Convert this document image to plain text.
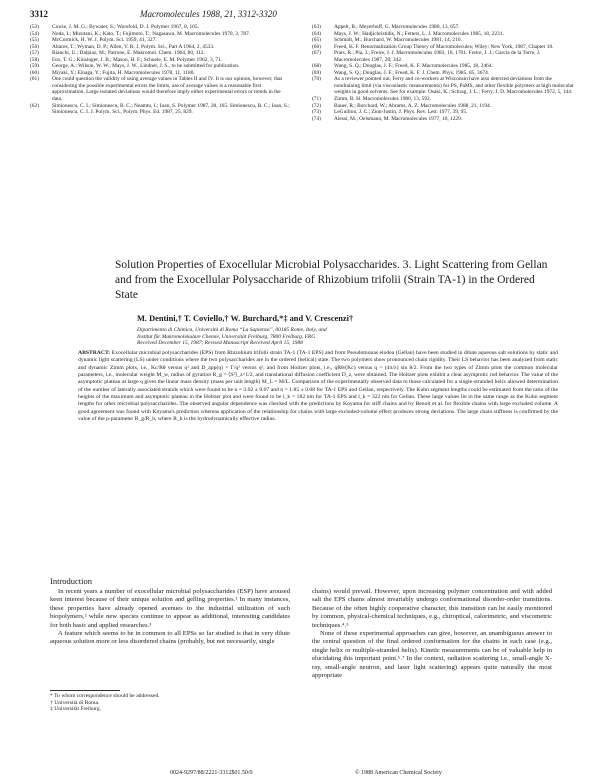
3312	Macromolecules 1988, 21, 3312-3320

(53) Cowie, J. M. G.; Bywater, S.; Worsfold, D. J. Polymer 1967, 8, 105.

(54) Noda, I.; Mizutani, K.; Kato, T.; Fujimoto, T.; Nagasawa, M. Macromolecules 1970, 3, 787.

(55) McCormick, H. W. J. Polym. Sci. 1959, 41, 327.

(56) Altares, T.; Wyman, D. P.; Allen, V. R. J. Polym. Sci., Part A 1964, 2, 4533.

(57) Bianchi, U.; Dalpiaz, M.; Patrone, E. Makromol. Chem. 1964, 80, 112.

(58) Fox, T. G.; Kinsinger, J. B.; Mason, H. F.; Schuele, E. M. Polymer 1962, 3, 71.

(59) George, A.; Wilson, W. W.; Mays, J. W., Lindner, J. S., to be submitted for publication.

(60) Miyaki, Y.; Einaga, Y.; Fujita, H. Macromolecules 1978, 11, 1180.

(61) One could question the validity of using average values in Tables II and IV. It is our opinion, however, that considering the possible experimental errors the limits, use of average values is a reasonable first approximation. Large isolated deviations would therefore imply either experimental errors or trends in the data.

(62) Simionescu, C. I.; Simionescu, B. C.; Neamtu, I.; Ioan, S. Polymer 1987, 28, 165. Simionescu, B. C.; Ioan, S.; Simionescu, C. I. J. Polym. Sci., Polym. Phys. Ed. 1987, 25, 829.

(63) Appelt, B.; Meyerhoff, G. Macromolecules 1980, 13, 657.

(64) Mays, J. W.; Hadjichristidis, N.; Fetters, L. J. Macromolecules 1985, 18, 2231.

(65) Schmidt, M.; Burchard, W. Macromolecules 1981, 14, 210.

(66) Freed, K. F. Renormalization Group Theory of Macromolecules; Wiley: New York, 1987, Chapter 10.

(67) Prats, R.; Pla, J.; Freire, J. J. Macromolecules 1983, 16, 1701. Freire, J. J.; Garcia de la Torre, J. Macromolecules 1987, 20, 342.

(68) Wang, S. Q.; Douglas, J. F.; Freed, K. F. Macromolecules 1985, 18, 2464.

(69) Wang, S. Q.; Douglas, J. F.; Freed, K. F. J. Chem. Phys. 1985, 85, 3674.

(70) As a reviewer pointed out, Ferry and co-workers at Wisconsin have also detected deviations from the nondraining limit (via viscoelastic measurements) for PS, PaMS, and other flexible polymers at high molecular weights in good solvents. See for example: Osaki, K.; Schrag, J. L.; Ferry, J. D. Macromolecules 1972, 5, 144.

(71) Zimm, B. H. Macromolecules 1980, 13, 592.

(72) Bauer, R.; Burchard, W.; Abrams, A. Z. Macromolecules 1988, 21, 1194.

(73) LeGuillou, J. C.; Zinn-Justin, J. Phys. Rev. Lett. 1977, 39, 95.

(74) Alessi, M.; Oelsmann, M. Macromolecules 1977, 10, 1229.

Solution Properties of Exocellular Microbial Polysaccharides. 3. Light Scattering from Gellan and from the Exocellular Polysaccharide of Rhizobium trifolii (Strain TA-1) in the Ordered State
M. Dentini,† T. Coviello,† W. Burchard,*‡ and V. Crescenzi†
Dipartimento di Chimica, Università di Roma “La Sapienza”, 00185 Rome, Italy, and
Institut für Makromolekulare Chemie, Universität Freiburg, 7800 Freiburg, FRG
Received December 15, 1987; Revised Manuscript Received April 15, 1988
ABSTRACT: Exocellular microbial polysaccharides (EPS) from Rhizobium trifolii strain TA-1 (TA-1 EPS) and from Pseudomonas elodea (Gellan) have been studied in dilute aqueous salt solutions by static and dynamic light scattering (LS) under conditions where the two polysaccharides are in the ordered (helical) state. The two polymers show pronounced chain rigidity. Their LS behavior has been analyzed from static and dynamic Zimm plots, i.e., Kc/Rθ versus q² and D_app(q) = Γ/q² versus q², and from Holtzer plots, i.e., qRθ/(Kc) versus q = (4π/λ) sin θ/2. From the two types of Zimm plots the common molecular parameters, i.e., molecular weight M_w, radius of gyration R_g = ⟨S²⟩_z^1/2, and translational diffusion coefficient D_z, were obtained. The Holtzer plots exhibit a clear asymptotic rod behavior. The value of the asymptotic plateau at large q gives the linear mass density (mass per unit length) M_L = M/L. Comparison of the experimentally observed data to those calculated for a single-stranded helix allowed determination of the number of laterally associated strands which were found to be n = 3.02 ± 0.07 and n = 1.85 ± 0.08 for TA-1 EPS and Gellan, respectively. The Kuhn segment lengths could be estimated from the ratio of the heights of the maximum and asymptotic plateau in the Holtzer plot and were found to be l_k = 182 nm for TA-1 EPS and l_k = 322 nm for Gellan. These large values lie in the same range as the Kuhn segment lengths for other microbial polysaccharides. The observed angular dependence was checked with the predictions by Koyama for stiff chains and by Benoit et al. for flexible chains with large excluded volume. A good agreement was found with Koyama's prediction whereas application of the relationship for chains with large excluded-volume effect produces strong deviations. The large chain stiffness is confirmed by the value of the ρ-parameter R_g/R_h, where R_h is the hydrodynamically effective radius.
Introduction

In recent years a number of exocellular microbial polysaccharides (ESP) have aroused keen interest because of their unique solution and gelling properties.¹ In many instances, these properties have already opened avenues to the industrial utilization of such biopolymers,² while new species continue to appear as additional, interesting candidates for both basic and applied researches.³

A feature which seems to be in common to all EPSs so far studied is that in very dilute aqueous solution more or less disordered chains (probably, but not necessarily, single

chains) would prevail. However, upon increasing polymer concentration and with added salt the EPS chains almost invariably undergo conformational disorder-order transitions. Because of the often highly cooperative character, this transition can be easily monitored by common, physical-chemical techniques, e.g., chiroptical, calorimetric, and viscometric techniques.⁴˒⁵

None of these experimental approaches can give, however, an unambiguous answer to the central question of the final ordered conformation for the chains in each case (e.g., single helix or multiple-stranded helix). Kinetic measurements can be of valuable help in elucidating this important point.⁶˒⁷ In the context, radiation scattering i.e., small-angle X-ray, small-angle neutron, and laser light scattering) appears quite naturally the most appropriate

* To whom correspondence should be addressed.

† Università di Roma.

‡ Universität Freiburg.

0024-9297/88/2221-3312$01.50/0	© 1988 American Chemical Society
